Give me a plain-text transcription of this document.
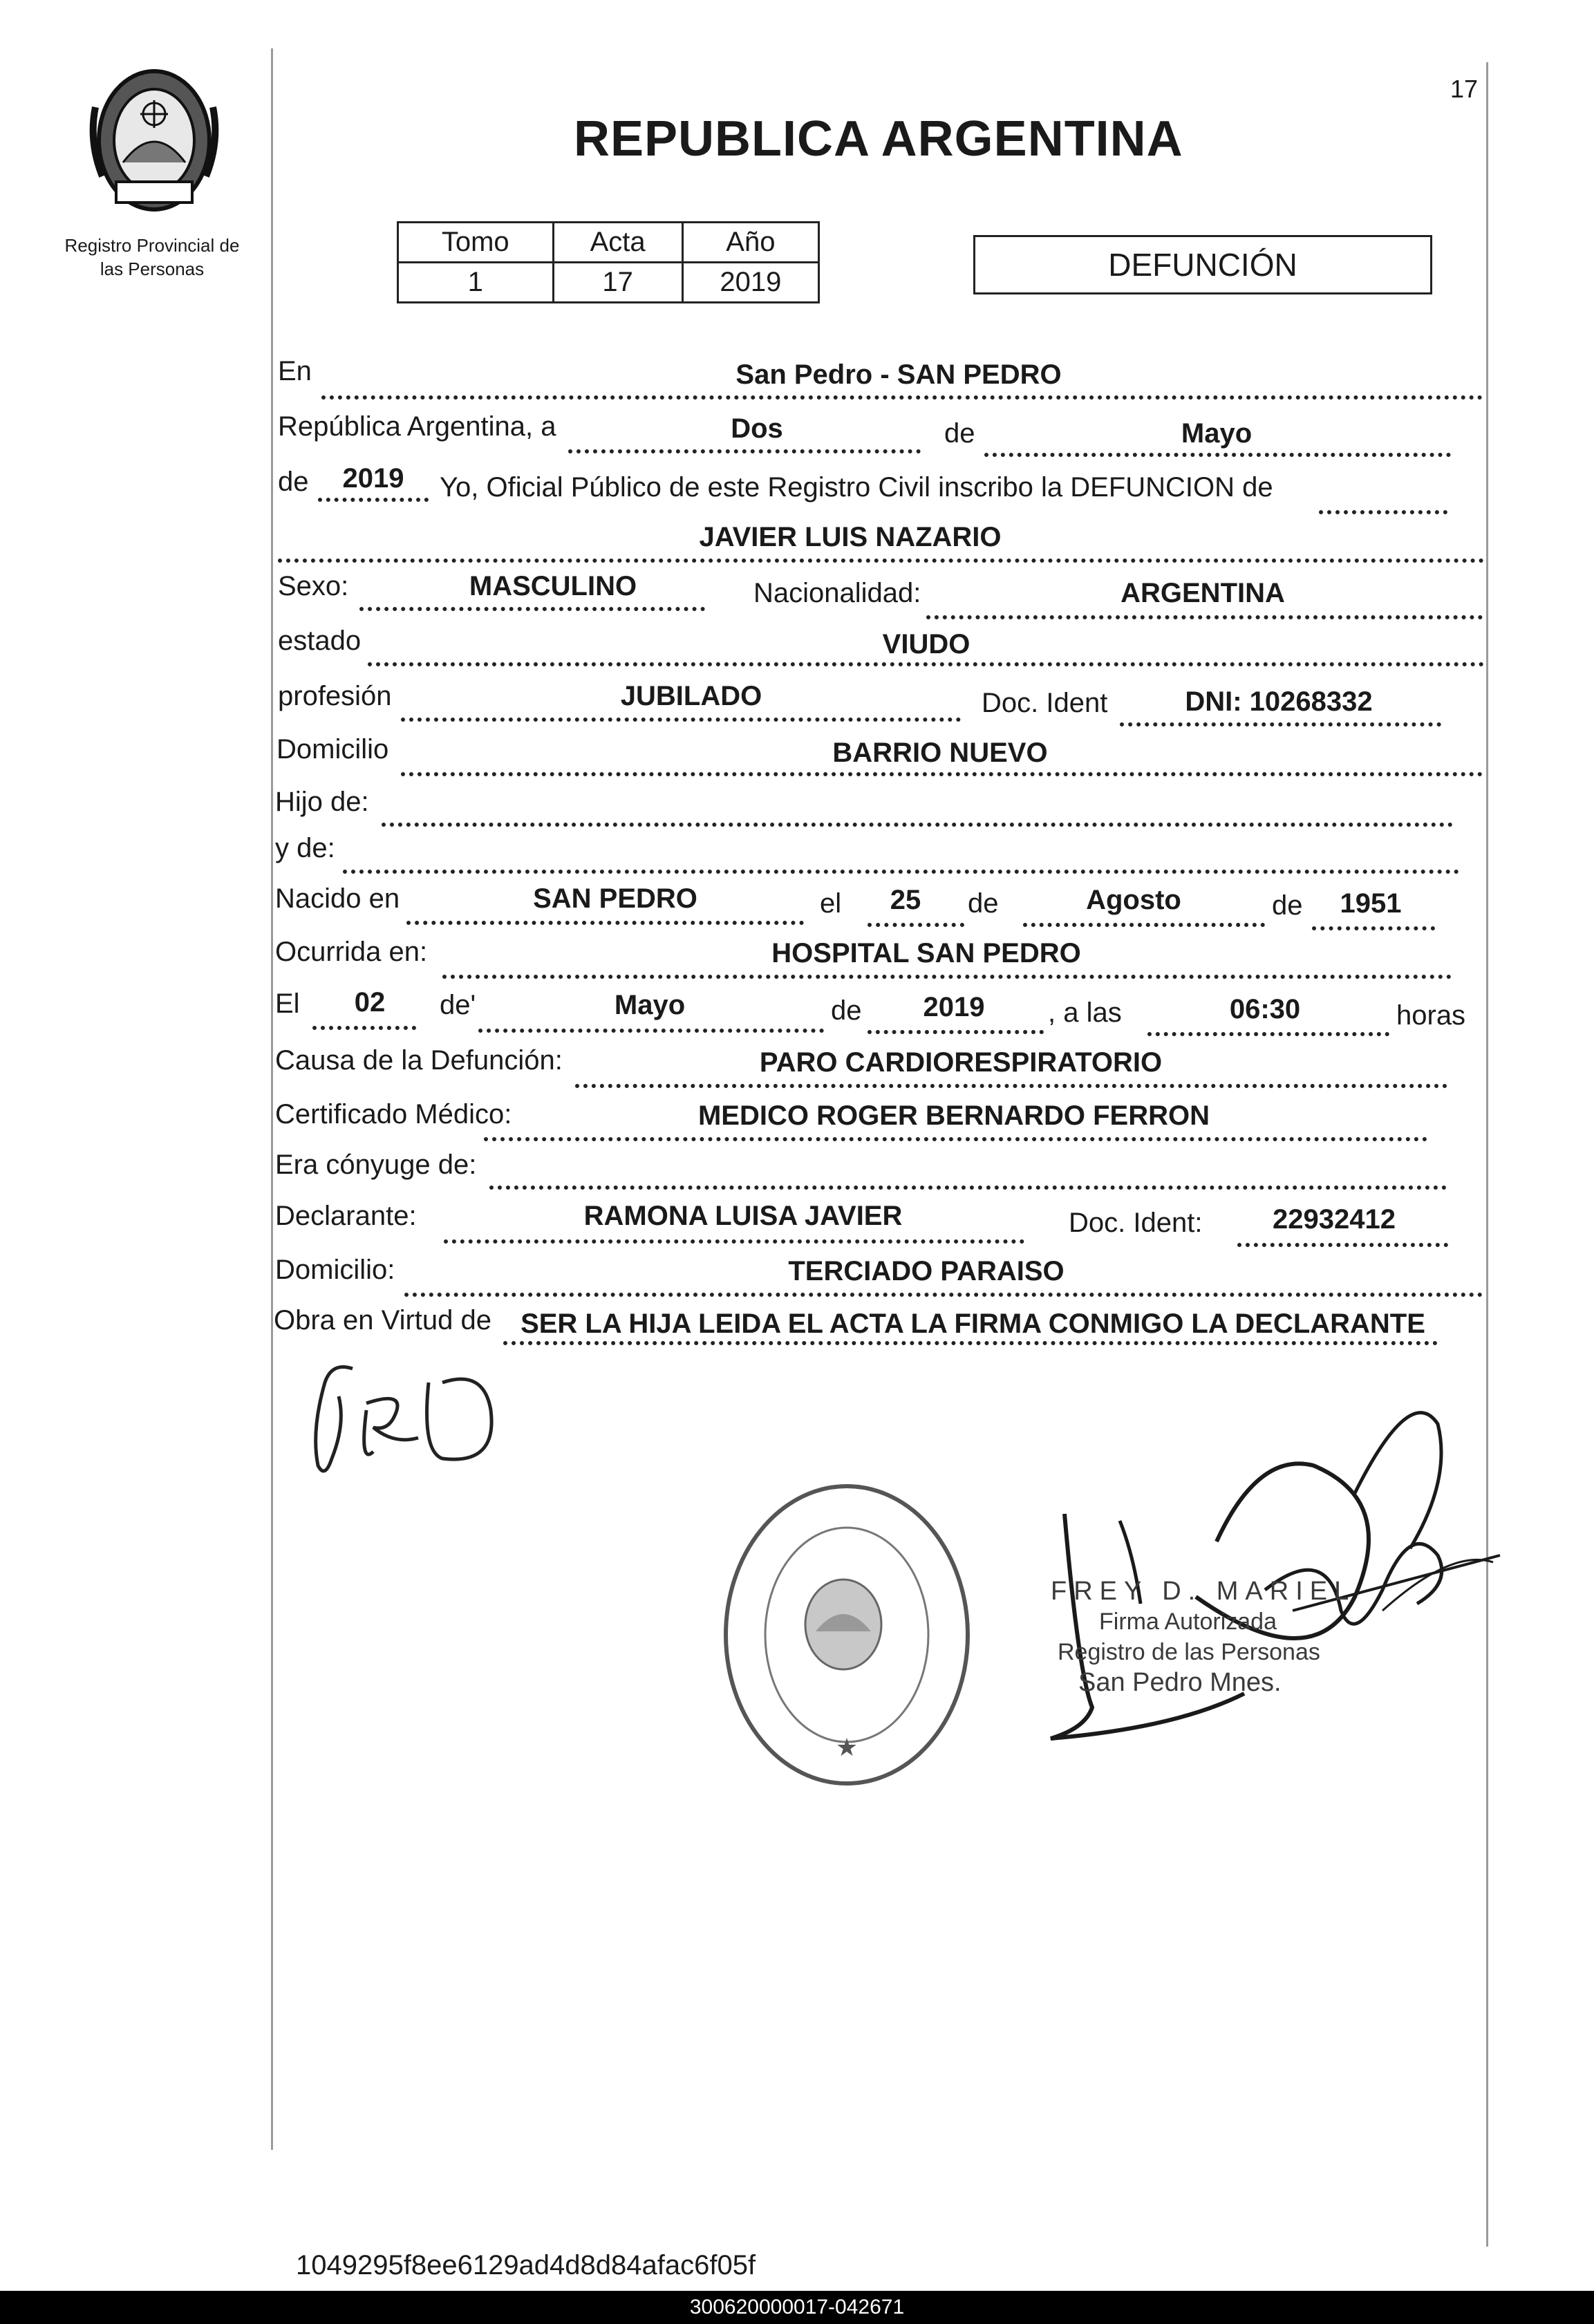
17
Registro Provincial de
las Personas
REPUBLICA ARGENTINA
Tomo	Acta	Año
1	17	2019	DEFUNCIÓN
En	San Pedro - SAN PEDRO
República Argentina, a	Dos	de	Mayo
de	2019	Yo, Oficial Público de este Registro Civil inscribo la DEFUNCION de
JAVIER LUIS NAZARIO
Sexo:	MASCULINO	Nacionalidad:	ARGENTINA
estado	VIUDO
profesión	JUBILADO	Doc. Ident	DNI: 10268332
Domicilio	BARRIO NUEVO
Hijo de:
y de:
Nacido en	SAN PEDRO	el	25	de	Agosto	de	1951
Ocurrida en:	HOSPITAL SAN PEDRO
El	02	de'	Mayo	de	2019	, a las	06:30	horas
Causa de la Defunción:	PARO CARDIORESPIRATORIO
Certificado Médico:	MEDICO ROGER BERNARDO FERRON
Era cónyuge de:
Declarante:	RAMONA LUISA JAVIER	Doc. Ident:	22932412
Domicilio:	TERCIADO PARAISO
Obra en Virtud de	SER LA HIJA LEIDA EL ACTA LA FIRMA CONMIGO LA DECLARANTE
★
FREY D. MARIEL
Firma Autorizada
Registro de las Personas
San Pedro Mnes.
1049295f8ee6129ad4d8d84afac6f05f
300620000017-042671
